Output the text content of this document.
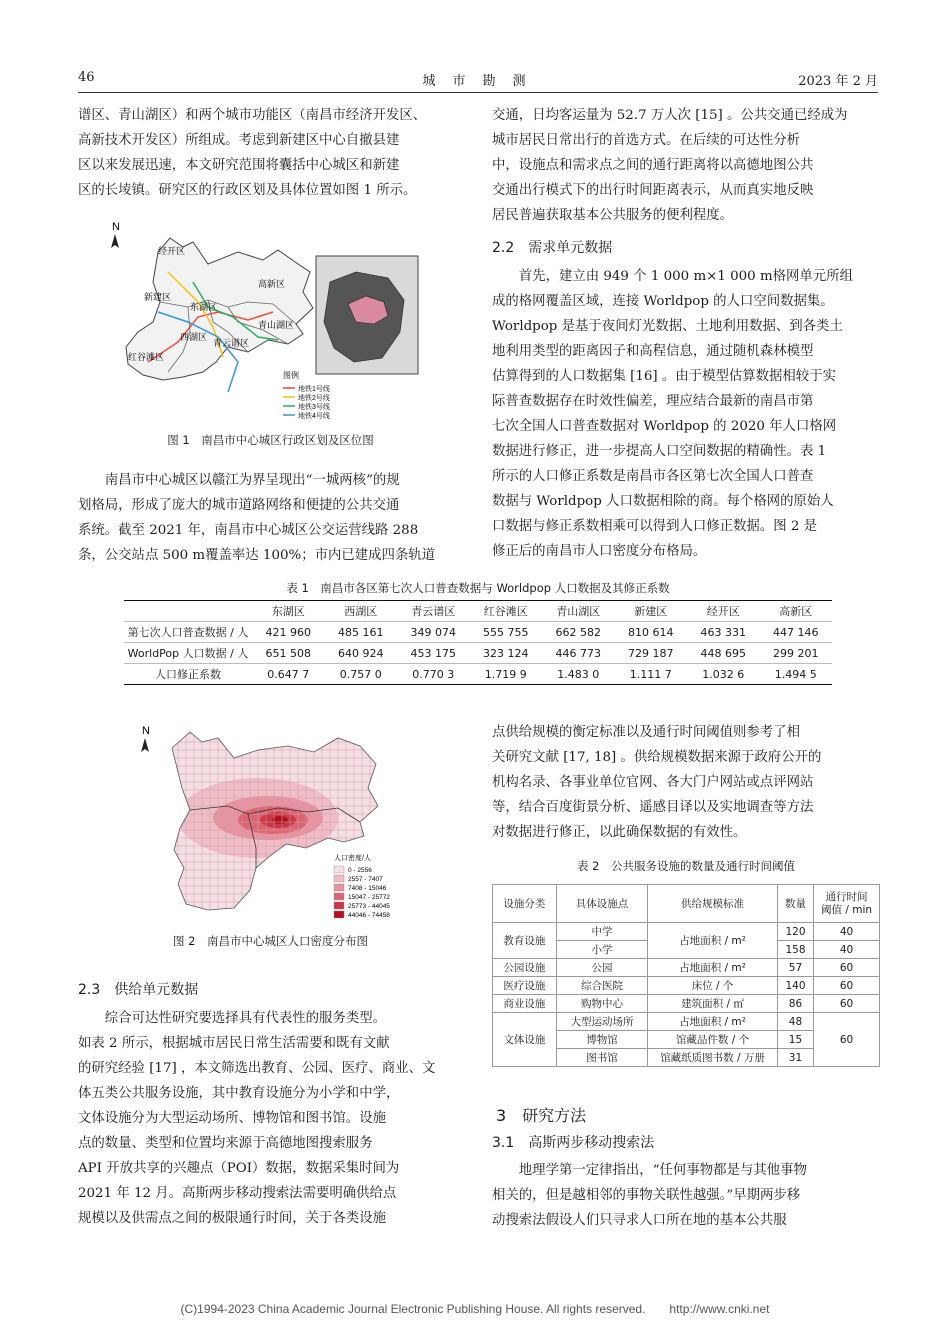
46	城　市　勘　测	2023 年 2 月
谱区、青山湖区）和两个城市功能区（南昌市经济开发区、
高新技术开发区）所组成。考虑到新建区中心自撤县建
区以来发展迅速，本文研究范围将囊括中心城区和新建
区的长堎镇。研究区的行政区划及具体位置如图 1 所示。
N
经开区
新建区
东湖区
高新区
西湖区
青山湖区
青云谱区
红谷滩区
图例
地铁1号线
地铁2号线
地铁3号线
地铁4号线
图 1　南昌市中心城区行政区划及区位图
南昌市中心城区以赣江为界呈现出“一城两核”的规
划格局，形成了庞大的城市道路网络和便捷的公共交通
系统。截至 2021 年，南昌市中心城区公交运营线路 288
条，公交站点 500 m覆盖率达 100%；市内已建成四条轨道
交通，日均客运量为 52.7 万人次 [15] 。公共交通已经成为
城市居民日常出行的首选方式。在后续的可达性分析
中，设施点和需求点之间的通行距离将以高德地图公共
交通出行模式下的出行时间距离表示，从而真实地反映
居民普遍获取基本公共服务的便利程度。
2.2　需求单元数据
首先，建立由 949 个 1 000 m×1 000 m格网单元所组
成的格网覆盖区域，连接 Worldpop 的人口空间数据集。
Worldpop 是基于夜间灯光数据、土地利用数据、到各类土
地利用类型的距离因子和高程信息，通过随机森林模型
估算得到的人口数据集 [16] 。由于模型估算数据相较于实
际普查数据存在时效性偏差，理应结合最新的南昌市第
七次全国人口普查数据对 Worldpop 的 2020 年人口格网
数据进行修正，进一步提高人口空间数据的精确性。表 1
所示的人口修正系数是南昌市各区第七次全国人口普查
数据与 Worldpop 人口数据相除的商。每个格网的原始人
口数据与修正系数相乘可以得到人口修正数据。图 2 是
修正后的南昌市人口密度分布格局。
表 1　南昌市各区第七次人口普查数据与 Worldpop 人口数据及其修正系数
	东湖区	西湖区	青云谱区	红谷滩区	青山湖区	新建区	经开区	高新区
第七次人口普查数据 / 人	421 960	485 161	349 074	555 755	662 582	810 614	463 331	447 146
WorldPop 人口数据 / 人	651 508	640 924	453 175	323 124	446 773	729 187	448 695	299 201
人口修正系数	0.647 7	0.757 0	0.770 3	1.719 9	1.483 0	1.111 7	1.032 6	1.494 5
N
人口密度/人
0 - 2556
2557 - 7407
7408 - 15046
15047 - 25772
25773 - 44045
44046 - 74458
图 2　南昌市中心城区人口密度分布图
点供给规模的衡定标准以及通行时间阈值则参考了相
关研究文献 [17, 18] 。供给规模数据来源于政府公开的
机构名录、各事业单位官网、各大门户网站或点评网站
等，结合百度街景分析、遥感目译以及实地调查等方法
对数据进行修正，以此确保数据的有效性。
表 2　公共服务设施的数量及通行时间阈值
设施分类	具体设施点	供给规模标准	数量	通行时间
阈值 / min
教育设施	中学	占地面积 / m²	120	40
	小学		158	40
公园设施	公园	占地面积 / m²	57	60
医疗设施	综合医院	床位 / 个	140	60
商业设施	购物中心	建筑面积 / ㎡	86	60
文体设施	大型运动场所	占地面积 / m²	48	60
	博物馆	馆藏品件数 / 个	15	
	图书馆	馆藏纸质图书数 / 万册	31	
2.3　供给单元数据
综合可达性研究要选择具有代表性的服务类型。
如表 2 所示，根据城市居民日常生活需要和既有文献
的研究经验 [17] ，本文筛选出教育、公园、医疗、商业、文
体五类公共服务设施，其中教育设施分为小学和中学，
文体设施分为大型运动场所、博物馆和图书馆。设施
点的数量、类型和位置均来源于高德地图搜索服务
API 开放共享的兴趣点（POI）数据，数据采集时间为
2021 年 12 月。高斯两步移动搜索法需要明确供给点
规模以及供需点之间的极限通行时间，关于各类设施
3　研究方法
3.1　高斯两步移动搜索法
地理学第一定律指出，“任何事物都是与其他事物
相关的，但是越相邻的事物关联性越强。”早期两步移
动搜索法假设人们只寻求人口所在地的基本公共服
(C)1994-2023 China Academic Journal Electronic Publishing House. All rights reserved.　　http://www.cnki.net
